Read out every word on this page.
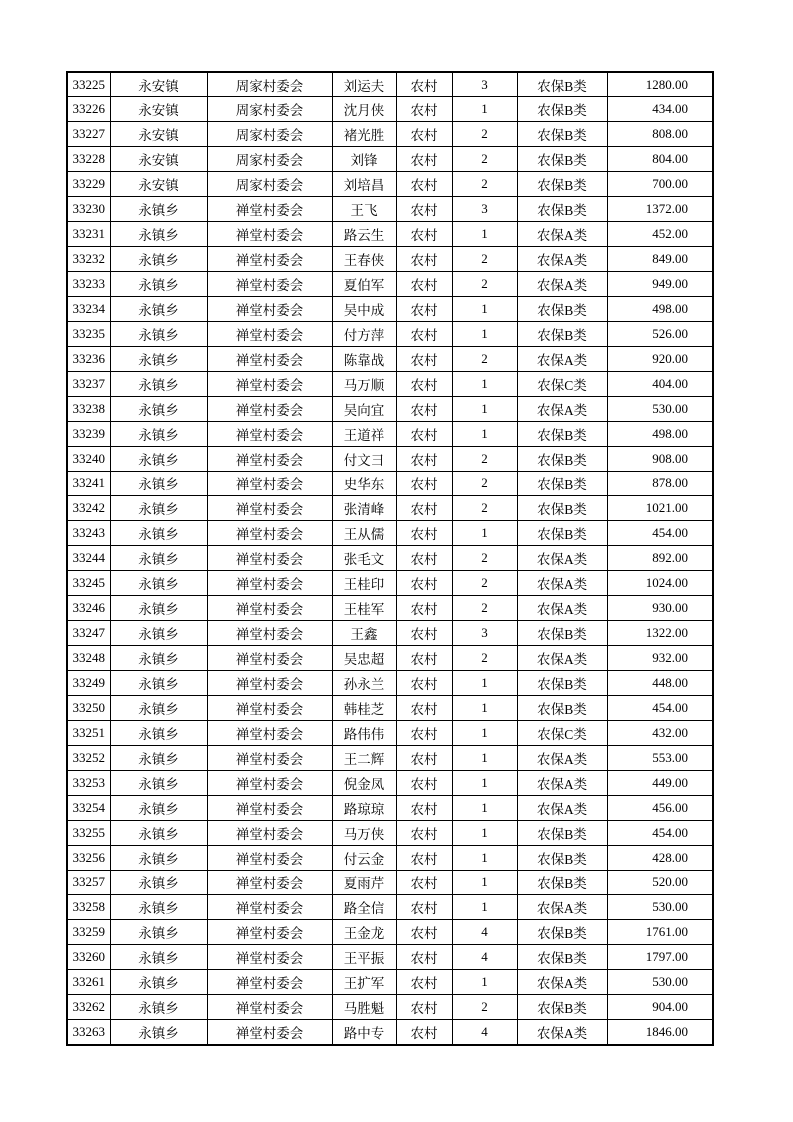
33225	永安镇	周家村委会	刘运夫	农村	3	农保B类	1280.00
33226	永安镇	周家村委会	沈月侠	农村	1	农保B类	434.00
33227	永安镇	周家村委会	褚光胜	农村	2	农保B类	808.00
33228	永安镇	周家村委会	刘锋	农村	2	农保B类	804.00
33229	永安镇	周家村委会	刘培昌	农村	2	农保B类	700.00
33230	永镇乡	禅堂村委会	王飞	农村	3	农保B类	1372.00
33231	永镇乡	禅堂村委会	路云生	农村	1	农保A类	452.00
33232	永镇乡	禅堂村委会	王春侠	农村	2	农保A类	849.00
33233	永镇乡	禅堂村委会	夏伯军	农村	2	农保A类	949.00
33234	永镇乡	禅堂村委会	吴中成	农村	1	农保B类	498.00
33235	永镇乡	禅堂村委会	付方萍	农村	1	农保B类	526.00
33236	永镇乡	禅堂村委会	陈靠战	农村	2	农保A类	920.00
33237	永镇乡	禅堂村委会	马万顺	农村	1	农保C类	404.00
33238	永镇乡	禅堂村委会	吴向宜	农村	1	农保A类	530.00
33239	永镇乡	禅堂村委会	王道祥	农村	1	农保B类	498.00
33240	永镇乡	禅堂村委会	付文彐	农村	2	农保B类	908.00
33241	永镇乡	禅堂村委会	史华东	农村	2	农保B类	878.00
33242	永镇乡	禅堂村委会	张清峰	农村	2	农保B类	1021.00
33243	永镇乡	禅堂村委会	王从儒	农村	1	农保B类	454.00
33244	永镇乡	禅堂村委会	张毛文	农村	2	农保A类	892.00
33245	永镇乡	禅堂村委会	王桂印	农村	2	农保A类	1024.00
33246	永镇乡	禅堂村委会	王桂军	农村	2	农保A类	930.00
33247	永镇乡	禅堂村委会	王鑫	农村	3	农保B类	1322.00
33248	永镇乡	禅堂村委会	吴忠超	农村	2	农保A类	932.00
33249	永镇乡	禅堂村委会	孙永兰	农村	1	农保B类	448.00
33250	永镇乡	禅堂村委会	韩桂芝	农村	1	农保B类	454.00
33251	永镇乡	禅堂村委会	路伟伟	农村	1	农保C类	432.00
33252	永镇乡	禅堂村委会	王二辉	农村	1	农保A类	553.00
33253	永镇乡	禅堂村委会	倪金凤	农村	1	农保A类	449.00
33254	永镇乡	禅堂村委会	路琼琼	农村	1	农保A类	456.00
33255	永镇乡	禅堂村委会	马万侠	农村	1	农保B类	454.00
33256	永镇乡	禅堂村委会	付云金	农村	1	农保B类	428.00
33257	永镇乡	禅堂村委会	夏雨芹	农村	1	农保B类	520.00
33258	永镇乡	禅堂村委会	路全信	农村	1	农保A类	530.00
33259	永镇乡	禅堂村委会	王金龙	农村	4	农保B类	1761.00
33260	永镇乡	禅堂村委会	王平振	农村	4	农保B类	1797.00
33261	永镇乡	禅堂村委会	王扩军	农村	1	农保A类	530.00
33262	永镇乡	禅堂村委会	马胜魁	农村	2	农保B类	904.00
33263	永镇乡	禅堂村委会	路中专	农村	4	农保A类	1846.00
